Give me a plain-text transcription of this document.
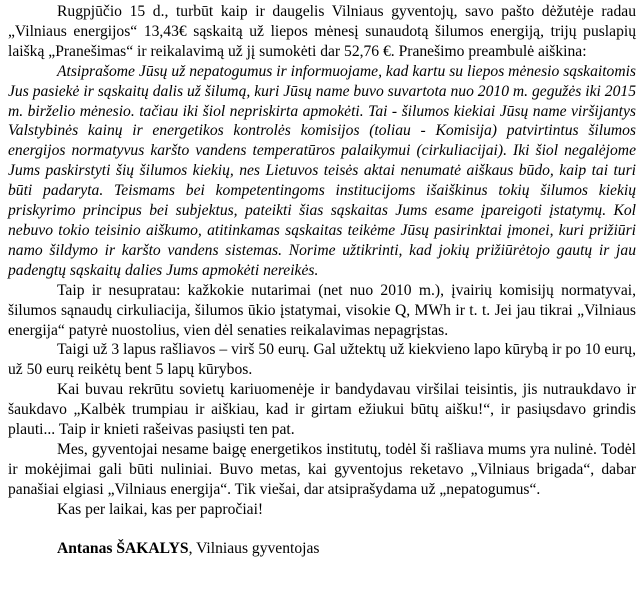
Rugpjūčio 15 d., turbūt kaip ir daugelis Vilniaus gyventojų, savo pašto dėžutėje radau „Vilniaus energijos“ 13,43€ sąskaitą už liepos mėnesį sunaudotą šilumos energiją, trijų puslapių laišką „Pranešimas“ ir reikalavimą už jį sumokėti dar 52,76 €. Pranešimo preambulė aiškina:

Atsiprašome Jūsų už nepatogumus ir informuojame, kad kartu su liepos mėnesio sąskaitomis Jus pasiekė ir sąskaitų dalis už šilumą, kuri Jūsų name buvo suvartota nuo 2010 m. gegužės iki 2015 m. birželio mėnesio. tačiau iki šiol nepriskirta apmokėti. Tai - šilumos kiekiai Jūsų name viršijantys Valstybinės kainų ir energetikos kontrolės komisijos (toliau - Komisija) patvirtintus šilumos energijos normatyvus karšto vandens temperatūros palaikymui (cirkuliacijai). Iki šiol negalėjome Jums paskirstyti šių šilumos kiekių, nes Lietuvos teisės aktai nenumatė aiškaus būdo, kaip tai turi būti padaryta. Teismams bei kompetentingoms institucijoms išaiškinus tokių šilumos kiekių priskyrimo principus bei subjektus, pateikti šias sąskaitas Jums esame įpareigoti įstatymų. Kol nebuvo tokio teisinio aiškumo, atitinkamas sąskaitas teikėme Jūsų pasirinktai įmonei, kuri prižiūri namo šildymo ir karšto vandens sistemas. Norime užtikrinti, kad jokių prižiūrėtojo gautų ir jau padengtų sąskaitų dalies Jums apmokėti nereikės.

Taip ir nesupratau: kažkokie nutarimai (net nuo 2010 m.), įvairių komisijų normatyvai, šilumos sąnaudų cirkuliacija, šilumos ūkio įstatymai, visokie Q, MWh ir t. t. Jei jau tikrai „Vilniaus energija“ patyrė nuostolius, vien dėl senaties reikalavimas nepagrįstas.

Taigi už 3 lapus rašliavos – virš 50 eurų. Gal užtektų už kiekvieno lapo kūrybą ir po 10 eurų, už 50 eurų reikėtų bent 5 lapų kūrybos.

Kai buvau rekrūtu sovietų kariuomenėje ir bandydavau viršilai teisintis, jis nutraukdavo ir šaukdavo „Kalbėk trumpiau ir aiškiau, kad ir girtam ežiukui būtų aišku!“, ir pasiųsdavo grindis plauti... Taip ir knieti rašeivas pasiųsti ten pat.

Mes, gyventojai nesame baigę energetikos institutų, todėl ši rašliava mums yra nulinė. Todėl ir mokėjimai gali būti nuliniai. Buvo metas, kai gyventojus reketavo „Vilniaus brigada“, dabar panašiai elgiasi „Vilniaus energija“. Tik viešai, dar atsiprašydama už „nepatogumus“.

Kas per laikai, kas per papročiai!

Antanas ŠAKALYS, Vilniaus gyventojas
